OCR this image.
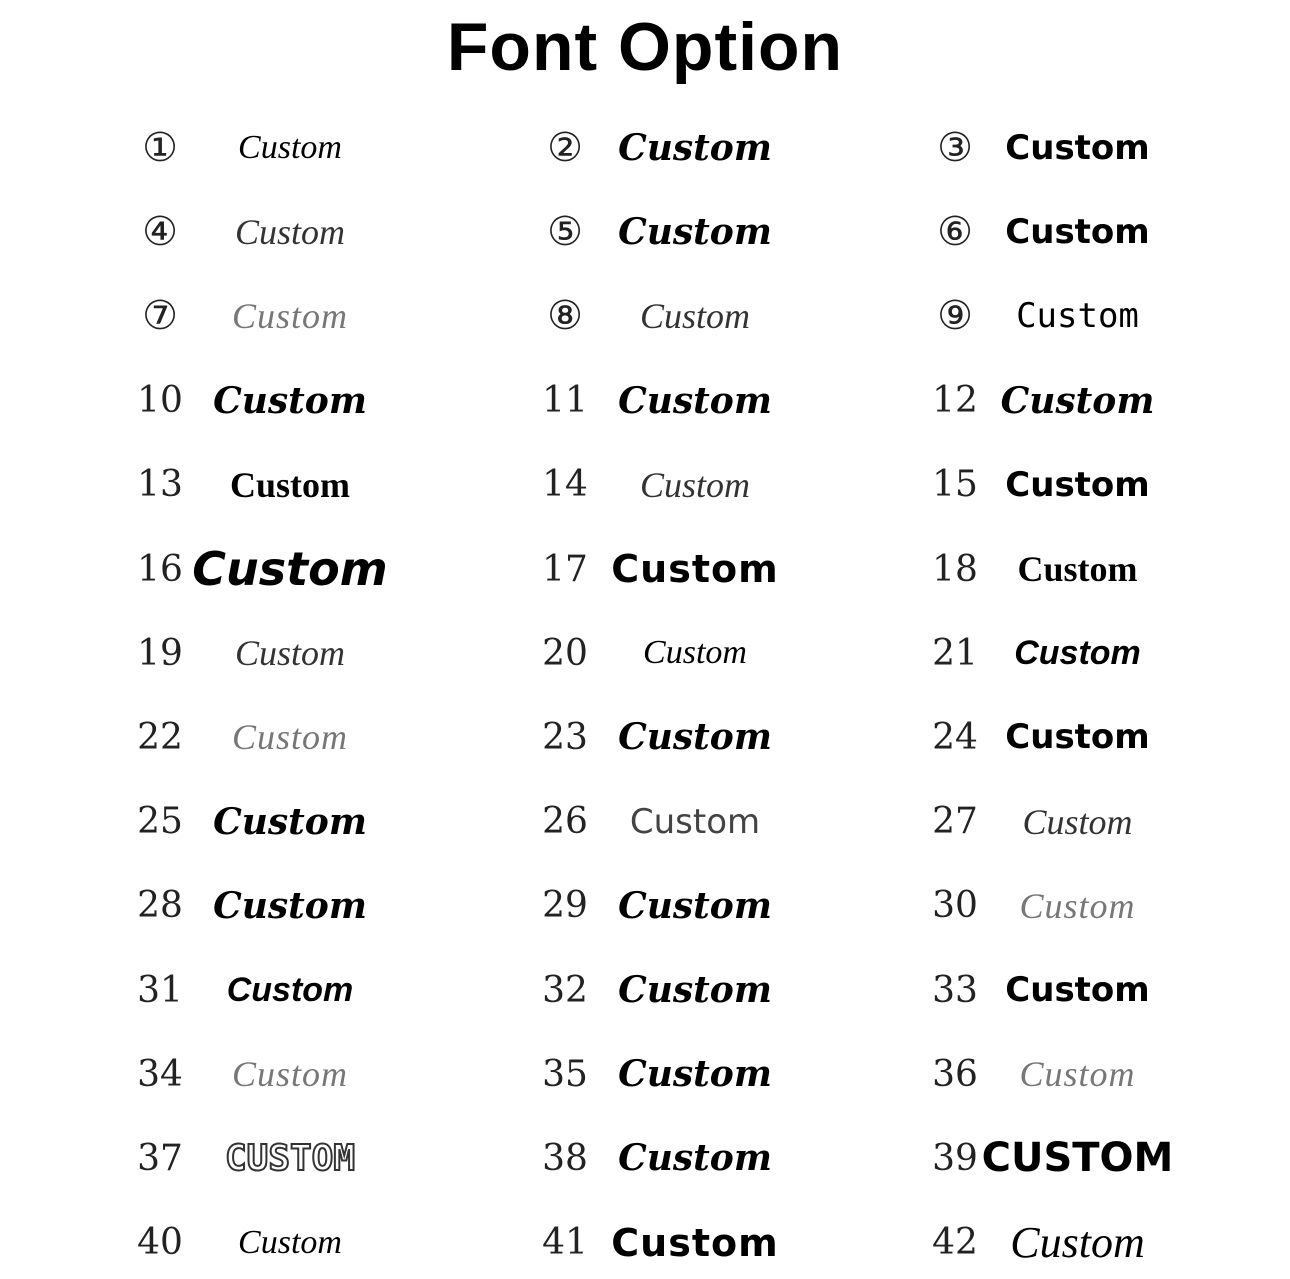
Font Option
①	Custom	② Custom	③ Custom
④	Custom	⑤ Custom	⑥ Custom
⑦	Custom	⑧	Custom	⑨	Custom
10 Custom	11 Custom	12 Custom
13	Custom	14	Custom	15 Custom
16 Custom	17 Custom	18	Custom
19	Custom	20	Custom	21	Custom
22	Custom	23 Custom	24 Custom
25 Custom	26	Custom	27	Custom
28 Custom	29 Custom	30	Custom
31	Custom	32 Custom	33 Custom
34	Custom	35 Custom	36	Custom
37	CUSTOM	38 Custom	39 CUSTOM
40	Custom	41 Custom	42 Custom
